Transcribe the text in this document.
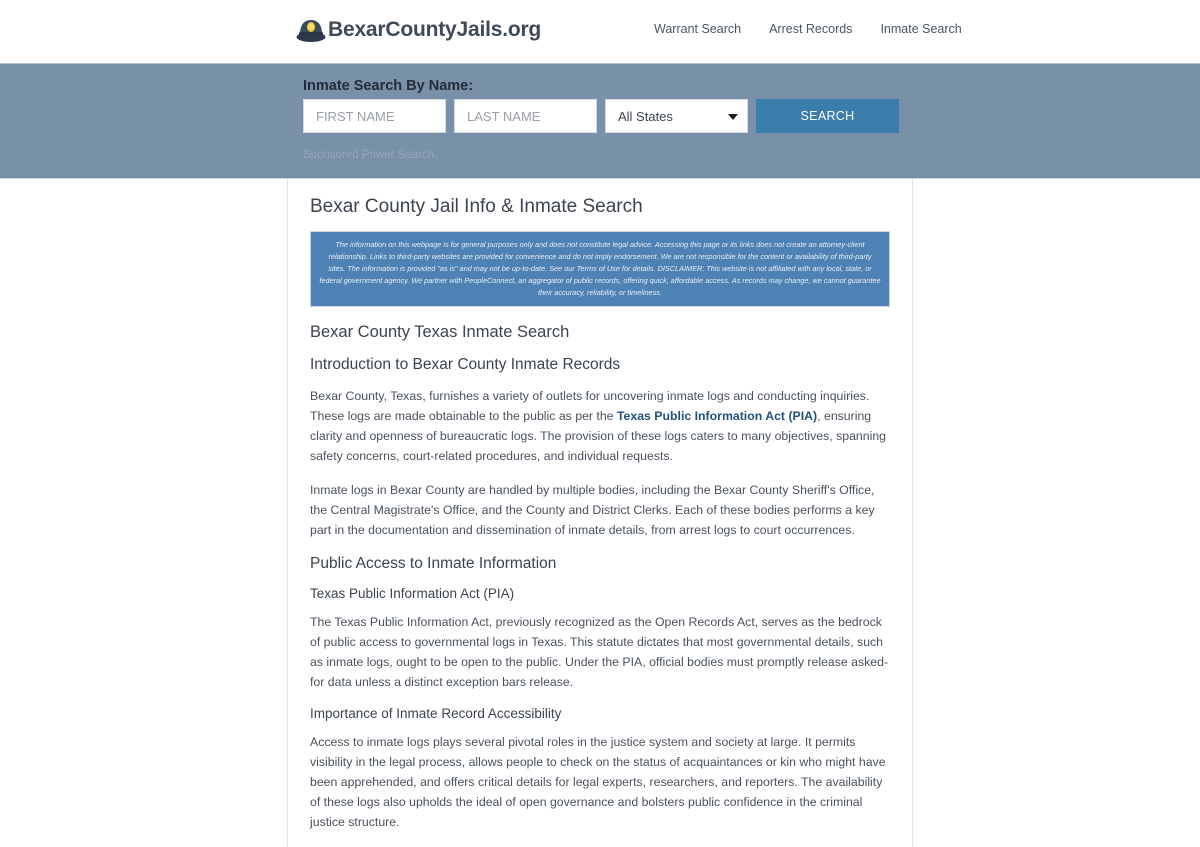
BexarCountyJails.org	Warrant Search	Arrest Records	Inmate Search
Inmate Search By Name:
FIRST NAME
LAST NAME
All States	SEARCH
Sponsored Power Search.
Bexar County Jail Info & Inmate Search
The information on this webpage is for general purposes only and does not constitute legal advice. Accessing this page or its links does not create an attorney-client relationship. Links to third-party websites are provided for convenience and do not imply endorsement. We are not responsible for the content or availability of third-party sites. The information is provided "as is" and may not be up-to-date. See our Terms of Use for details. DISCLAIMER: This website is not affiliated with any local, state, or federal government agency. We partner with PeopleConnect, an aggregator of public records, offering quick, affordable access. As records may change, we cannot guarantee their accuracy, reliability, or timeliness.
Bexar County Texas Inmate Search
Introduction to Bexar County Inmate Records

Bexar County, Texas, furnishes a variety of outlets for uncovering inmate logs and conducting inquiries. These logs are made obtainable to the public as per the Texas Public Information Act (PIA), ensuring clarity and openness of bureaucratic logs. The provision of these logs caters to many objectives, spanning safety concerns, court-related procedures, and individual requests.

Inmate logs in Bexar County are handled by multiple bodies, including the Bexar County Sheriff's Office, the Central Magistrate's Office, and the County and District Clerks. Each of these bodies performs a key part in the documentation and dissemination of inmate details, from arrest logs to court occurrences.

Public Access to Inmate Information
Texas Public Information Act (PIA)

The Texas Public Information Act, previously recognized as the Open Records Act, serves as the bedrock of public access to governmental logs in Texas. This statute dictates that most governmental details, such as inmate logs, ought to be open to the public. Under the PIA, official bodies must promptly release asked-for data unless a distinct exception bars release.

Importance of Inmate Record Accessibility

Access to inmate logs plays several pivotal roles in the justice system and society at large. It permits visibility in the legal process, allows people to check on the status of acquaintances or kin who might have been apprehended, and offers critical details for legal experts, researchers, and reporters. The availability of these logs also upholds the ideal of open governance and bolsters public confidence in the criminal justice structure.
